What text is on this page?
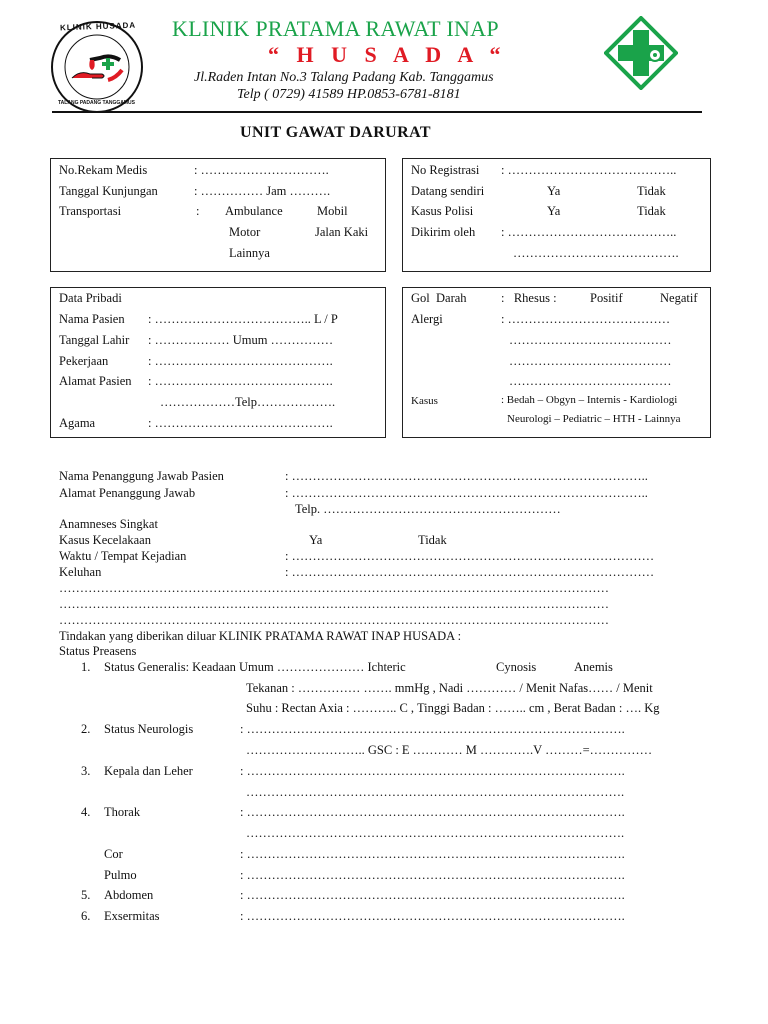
KLINIK HUSADA
TALANG PADANG TANGGAMUS
KLINIK PRATAMA RAWAT INAP
“ H U S A D A “
Jl.Raden Intan No.3 Talang Padang Kab. Tanggamus
Telp ( 0729) 41589 HP.0853-6781-8181
UNIT GAWAT DARURAT
No.Rekam Medis	: ………………………….
Tanggal Kunjungan	: …………… Jam ……….
Transportasi	: Ambulance	Mobil
Motor	Jalan Kaki
Lainnya
No Registrasi : …………………………………..
Datang sendiri	Ya	Tidak
Kasus Polisi	Ya	Tidak
Dikirim oleh : …………………………………..
………………………………….
Data Pribadi
Nama Pasien : ……………………………….. L / P
Tanggal Lahir : ……………… Umum ……………
Pekerjaan	: …………………………………….
Alamat Pasien : …………………………………….
………………Telp……………….
Agama	: …………………………………….
Gol  Darah	:   Rhesus :	Positif	Negatif
Alergi	: …………………………………
…………………………………
…………………………………
…………………………………
Kasus	: Bedah – Obgyn – Internis - Kardiologi
Neurologi – Pediatric – HTH - Lainnya
Nama Penanggung Jawab Pasien	: …………………………………………………………………………..
Alamat Penanggung Jawab	: …………………………………………………………………………..
Telp. …………………………………………………
Anamneses Singkat
Kasus Kecelakaan	Ya	Tidak
Waktu / Tempat Kejadian	: ……………………………………………………………………………
Keluhan	: ……………………………………………………………………………
……………………………………………………………………………………………………………………
……………………………………………………………………………………………………………………
……………………………………………………………………………………………………………………
Tindakan yang diberikan diluar KLINIK PRATAMA RAWAT INAP HUSADA :
Status Preasens
1. Status Generalis: Keadaan Umum ………………… Ichteric	Cynosis	Anemis
Tekanan : …………… ……. mmHg , Nadi ………… / Menit Nafas…… / Menit
Suhu : Rectan Axia : ……….. C , Tinggi Badan : …….. cm , Berat Badan : …. Kg
2. Status Neurologis	: ……………………………………………………………………………….
……………………….. GSC : E ………… M ………….V ………=……………
3. Kepala dan Leher	: ……………………………………………………………………………….
……………………………………………………………………………….
4. Thorak	: ……………………………………………………………………………….
……………………………………………………………………………….
Cor	: ……………………………………………………………………………….
Pulmo	: ……………………………………………………………………………….
5. Abdomen	: ……………………………………………………………………………….
6. Exsermitas	: ……………………………………………………………………………….
